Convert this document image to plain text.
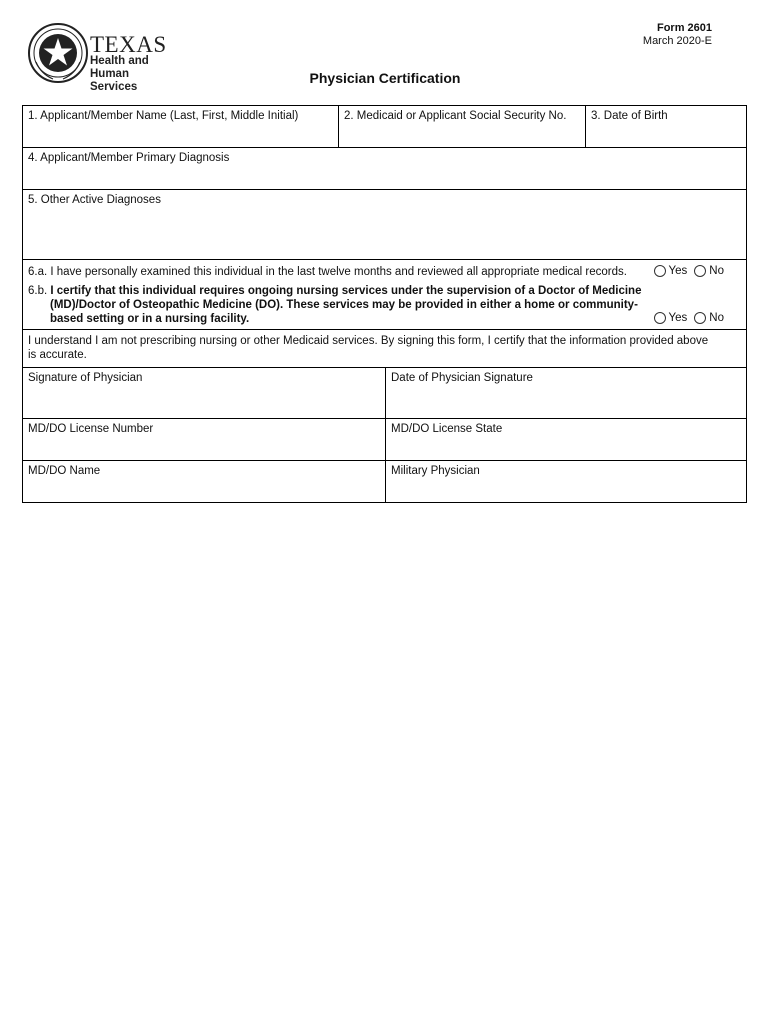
TEXAS
Health and Human
Services
Form 2601
March 2020-E
Physician Certification
1. Applicant/Member Name (Last, First, Middle Initial)	2. Medicaid or Applicant Social Security No.	3. Date of Birth
4. Applicant/Member Primary Diagnosis
5. Other Active Diagnoses
6.a. I have personally examined this individual in the last twelve months and reviewed all appropriate medical records.	Yes No
6.b. I certify that this individual requires ongoing nursing services under the supervision of a Doctor of Medicine
(MD)/Doctor of Osteopathic Medicine (DO). These services may be provided in either a home or community-
based setting or in a nursing facility.	Yes No
I understand I am not prescribing nursing or other Medicaid services. By signing this form, I certify that the information provided above
is accurate.
Signature of Physician	Date of Physician Signature
MD/DO License Number	MD/DO License State
MD/DO Name	Military Physician
